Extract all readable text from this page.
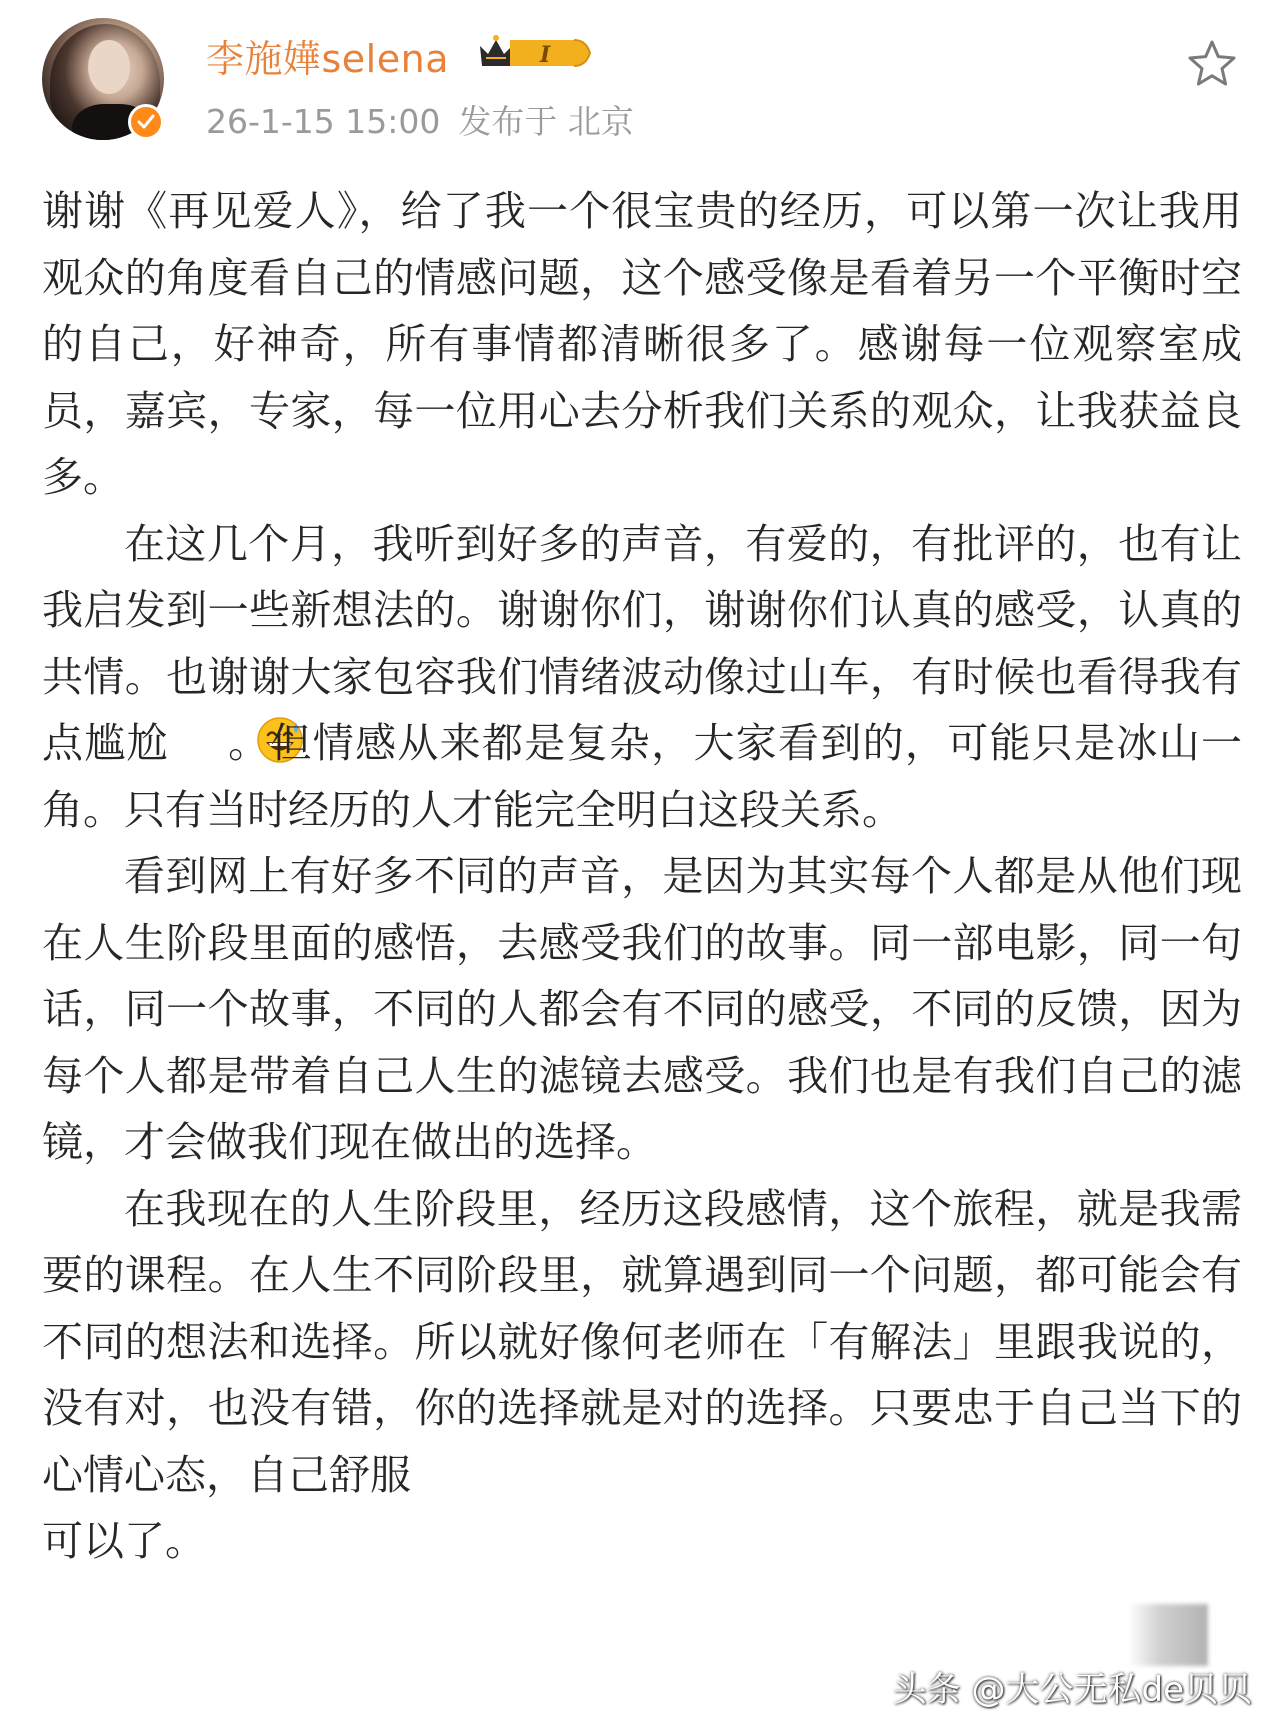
李施嬅selena	I
26-1-15 15:00 发布于 北京

谢谢《再见爱人》，给了我一个很宝贵的经历，可以第一次让我用观众的角度看自己的情感问题，这个感受像是看着另一个平衡时空的自己，好神奇，所有事情都清晰很多了。感谢每一位观察室成员，嘉宾，专家，每一位用心去分析我们关系的观众，让我获益良多。

在这几个月，我听到好多的声音，有爱的，有批评的，也有让我启发到一些新想法的。谢谢你们，谢谢你们认真的感受，认真的共情。也谢谢大家包容我们情绪波动像过山车，有时候也看得我有点尴尬 。但情感从来都是复杂，大家看到的，可能只是冰山一角。只有当时经历的人才能完全明白这段关系。

看到网上有好多不同的声音，是因为其实每个人都是从他们现在人生阶段里面的感悟，去感受我们的故事。同一部电影，同一句话，同一个故事，不同的人都会有不同的感受，不同的反馈，因为每个人都是带着自己人生的滤镜去感受。我们也是有我们自己的滤镜，才会做我们现在做出的选择。

在我现在的人生阶段里，经历这段感情，这个旅程，就是我需要的课程。在人生不同阶段里，就算遇到同一个问题，都可能会有不同的想法和选择。所以就好像何老师在「有解法」里跟我说的，没有对，也没有错，你的选择就是对的选择。只要忠于自己当下的心情心态，自己舒服

可以了。

头条 @大公无私de贝贝
